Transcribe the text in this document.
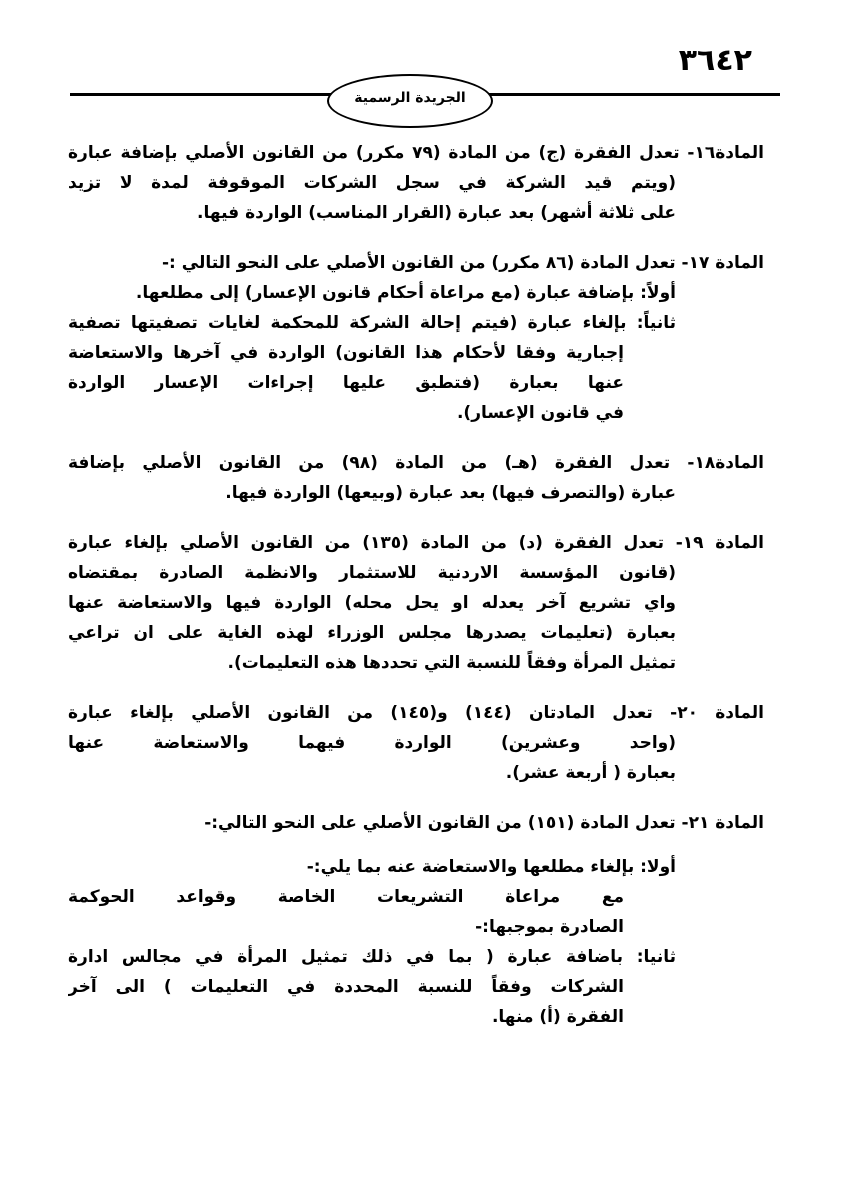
٣٦٤٢
الجريدة الرسمية
المادة١٦- تعدل الفقرة (ج) من المادة (٧٩ مكرر) من القانون الأصلي بإضافة عبارة
(ويتم قيد الشركة في سجل الشركات الموقوفة لمدة لا تزيد
على ثلاثة أشهر) بعد عبارة (القرار المناسب) الواردة فيها.
المادة ١٧- تعدل المادة (٨٦ مكرر) من القانون الأصلي على النحو التالي :-
أولاً: بإضافة عبارة (مع مراعاة أحكام قانون الإعسار) إلى مطلعها.
ثانياً: بإلغاء عبارة (فيتم إحالة الشركة للمحكمة لغايات تصفيتها تصفية
إجبارية وفقا لأحكام هذا القانون) الواردة في آخرها والاستعاضة
عنها بعبارة (فتطبق عليها إجراءات الإعسار الواردة
في قانون الإعسار).
المادة١٨- تعدل الفقرة (هـ) من المادة (٩٨) من القانون الأصلي بإضافة
عبارة (والتصرف فيها) بعد عبارة (وبيعها) الواردة فيها.
المادة ١٩- تعدل الفقرة (د) من المادة (١٣٥) من القانون الأصلي بإلغاء عبارة
(قانون المؤسسة الاردنية للاستثمار والانظمة الصادرة بمقتضاه
واي تشريع آخر يعدله او يحل محله) الواردة فيها والاستعاضة عنها
بعبارة (تعليمات يصدرها مجلس الوزراء لهذه الغاية على ان تراعي
تمثيل المرأة وفقاً للنسبة التي تحددها هذه التعليمات).
المادة ٢٠- تعدل المادتان (١٤٤) و(١٤٥) من القانون الأصلي بإلغاء عبارة
(واحد وعشرين) الواردة فيهما والاستعاضة عنها
بعبارة ( أربعة عشر).
المادة ٢١- تعدل المادة (١٥١) من القانون الأصلي على النحو التالي:-
أولا: بإلغاء مطلعها والاستعاضة عنه بما يلي:-
مع مراعاة التشريعات الخاصة وقواعد الحوكمة
الصادرة بموجبها:-
ثانيا: باضافة عبارة ( بما في ذلك تمثيل المرأة في مجالس ادارة
الشركات وفقاً للنسبة المحددة في التعليمات ) الى آخر
الفقرة (أ) منها.
